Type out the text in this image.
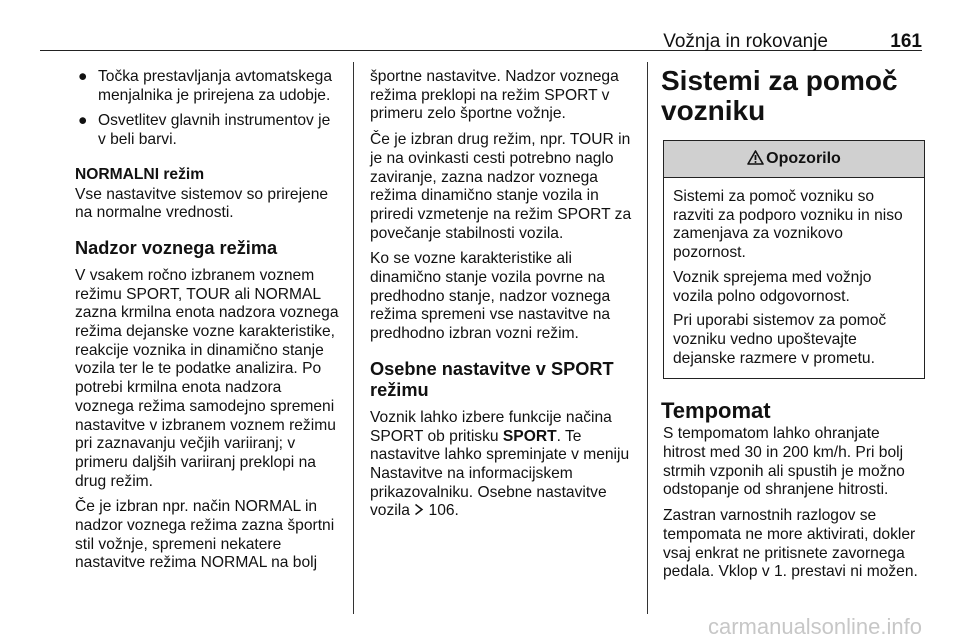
Vožnja in rokovanje	161
● Točka prestavljanja avtomatskega menjalnika je prirejena za udobje.
● Osvetlitev glavnih instrumentov je v beli barvi.
NORMALNI režim

Vse nastavitve sistemov so prirejene na normalne vrednosti.

Nadzor voznega režima

V vsakem ročno izbranem voznem režimu SPORT, TOUR ali NORMAL zazna krmilna enota nadzora voznega režima dejanske vozne karakteristike, reakcije voznika in dinamično stanje vozila ter le te podatke analizira. Po potrebi krmilna enota nadzora voznega režima samodejno spremeni nastavitve v izbranem voznem režimu pri zaznavanju večjih variiranj; v primeru daljših variiranj preklopi na drug režim.

Če je izbran npr. način NORMAL in nadzor voznega režima zazna športni stil vožnje, spremeni nekatere nastavitve režima NORMAL na bolj

športne nastavitve. Nadzor voznega režima preklopi na režim SPORT v primeru zelo športne vožnje.

Če je izbran drug režim, npr. TOUR in je na ovinkasti cesti potrebno naglo zaviranje, zazna nadzor voznega režima dinamično stanje vozila in priredi vzmetenje na režim SPORT za povečanje stabilnosti vozila.

Ko se vozne karakteristike ali dinamično stanje vozila povrne na predhodno stanje, nadzor voznega režima spremeni vse nastavitve na predhodno izbran vozni režim.

Osebne nastavitve v SPORT režimu

Voznik lahko izbere funkcije načina SPORT ob pritisku SPORT. Te nastavitve lahko spreminjate v meniju Nastavitve na informacijskem prikazovalniku. Osebne nastavitve vozila  106.

Sistemi za pomoč vozniku
Opozorilo

Sistemi za pomoč vozniku so razviti za podporo vozniku in niso zamenjava za voznikovo pozornost.

Voznik sprejema med vožnjo vozila polno odgovornost.

Pri uporabi sistemov za pomoč vozniku vedno upoštevajte dejanske razmere v prometu.

Tempomat

S tempomatom lahko ohranjate hitrost med 30 in 200 km/h. Pri bolj strmih vzponih ali spustih je možno odstopanje od shranjene hitrosti.

Zastran varnostnih razlogov se tempomata ne more aktivirati, dokler vsaj enkrat ne pritisnete zavornega pedala. Vklop v 1. prestavi ni možen.

carmanualsonline.info
